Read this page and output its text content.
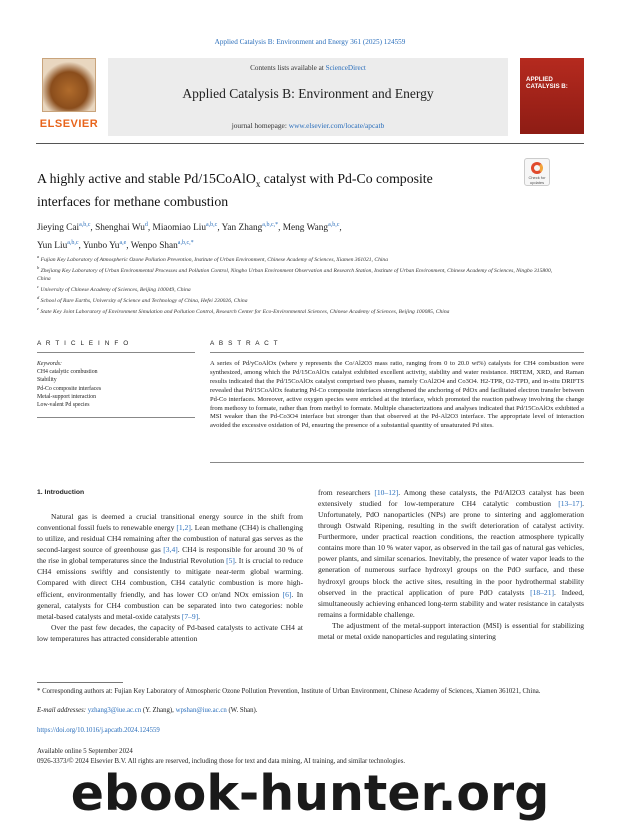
Applied Catalysis B: Environment and Energy 361 (2025) 124559
ELSEVIER
Contents lists available at ScienceDirect
Applied Catalysis B: Environment and Energy
journal homepage: www.elsevier.com/locate/apcatb
APPLIED CATALYSIS B:
A highly active and stable Pd/15CoAlO$_x$ catalyst with Pd-Co composite interfaces for methane combustion
Check for updates
Jieying Cai$^{a,b,c}$, Shenghai Wu$^d$, Miaomiao Liu$^{a,b,c}$, Yan Zhang$^{a,b,c,*}$, Meng Wang$^{a,b,c}$,
Yun Liu$^{a,b,c}$, Yunbo Yu$^{a,e}$, Wenpo Shan$^{a,b,c,*}$
$^a$ Fujian Key Laboratory of Atmospheric Ozone Pollution Prevention, Institute of Urban Environment, Chinese Academy of Sciences, Xiamen 361021, China
$^b$ Zhejiang Key Laboratory of Urban Environmental Processes and Pollution Control, Ningbo Urban Environment Observation and Research Station, Institute of Urban Environment, Chinese Academy of Sciences, Ningbo 315800, China
$^c$ University of Chinese Academy of Sciences, Beijing 100049, China
$^d$ School of Rare Earths, University of Science and Technology of China, Hefei 230026, China
$^e$ State Key Joint Laboratory of Environment Simulation and Pollution Control, Research Center for Eco-Environmental Sciences, Chinese Academy of Sciences, Beijing 100085, China
A R T I C L E I N F O	A B S T R A C T
Keywords:
CH4 catalytic combustion
Stability
Pd-Co composite interfaces
Metal-support interaction
Low-valent Pd species
A series of Pd/yCoAlOx (where y represents the Co/Al2O3 mass ratio, ranging from 0 to 20.0 wt%) catalysts for CH4 combustion were synthesized, among which the Pd/15CoAlOx catalyst exhibited excellent activity, stability and water resistance. HRTEM, XRD, and Raman results indicated that the Pd/15CoAlOx catalyst comprised two phases, namely CoAl2O4 and Co3O4. H2-TPR, O2-TPD, and in-situ DRIFTS revealed that Pd/15CoAlOx featuring Pd-Co composite interfaces strengthened the anchoring of PdOx and facilitated electron transfer between Pd-Co interfaces. Moreover, active oxygen species were enriched at the interface, which promoted the reaction pathway involving the change from methoxy to formate, rather than from methyl to formate. Multiple characterizations and analyses indicated that Pd/15CoAlOx exhibited a MSI weaker than the Pd-Co3O4 interface but stronger than that observed at the Pd-Al2O3 interface. The appropriate level of interaction avoided the excessive oxidation of Pd, ensuring the presence of a substantial quantity of unsaturated Pd sites.
1. Introduction

Natural gas is deemed a crucial transitional energy source in the shift from conventional fossil fuels to renewable energy [1,2]. Lean methane (CH4) is challenging to utilize, and residual CH4 remaining after the combustion of natural gas serves as the second-largest source of greenhouse gas [3,4]. CH4 is responsible for around 30 % of the rise in global temperatures since the Industrial Revolution [5]. It is crucial to reduce CH4 emissions swiftly and consistently to mitigate near-term global warming. Compared with direct CH4 combustion, CH4 catalytic combustion is more high-efficient, environmentally friendly, and has lower CO or/and NOx emission [6]. In general, catalysts for CH4 combustion can be separated into two categories: noble metal-based catalysts and metal-oxide catalysts [7–9].

Over the past few decades, the capacity of Pd-based catalysts to activate CH4 at low temperatures has attracted considerable attention

from researchers [10–12]. Among these catalysts, the Pd/Al2O3 catalyst has been extensively studied for low-temperature CH4 catalytic combustion [13–17]. Unfortunately, PdO nanoparticles (NPs) are prone to sintering and agglomeration through Ostwald Ripening, resulting in the swift deterioration of catalyst activity. Furthermore, under practical reaction conditions, the reaction atmosphere typically contains more than 10 % water vapor, as observed in the tail gas of natural gas vehicles, power plants, and similar scenarios. Inevitably, the presence of water vapor leads to the generation of numerous surface hydroxyl groups on the PdO surface, and these hydroxyl groups block the active sites, resulting in the poor hydrothermal stability observed in the practical application of pure PdO catalysts [18–21]. Indeed, simultaneously achieving enhanced long-term stability and water resistance in catalysts remains a formidable challenge.

The adjustment of the metal-support interaction (MSI) is essential for stabilizing metal or metal oxide nanoparticles and regulating sintering

* Corresponding authors at: Fujian Key Laboratory of Atmospheric Ozone Pollution Prevention, Institute of Urban Environment, Chinese Academy of Sciences, Xiamen 361021, China.
E-mail addresses: yzhang3@iue.ac.cn (Y. Zhang), wpshan@iue.ac.cn (W. Shan).
https://doi.org/10.1016/j.apcatb.2024.124559
Available online 5 September 2024
0926-3373/© 2024 Elsevier B.V. All rights are reserved, including those for text and data mining, AI training, and similar technologies.
ebook-hunter.org
